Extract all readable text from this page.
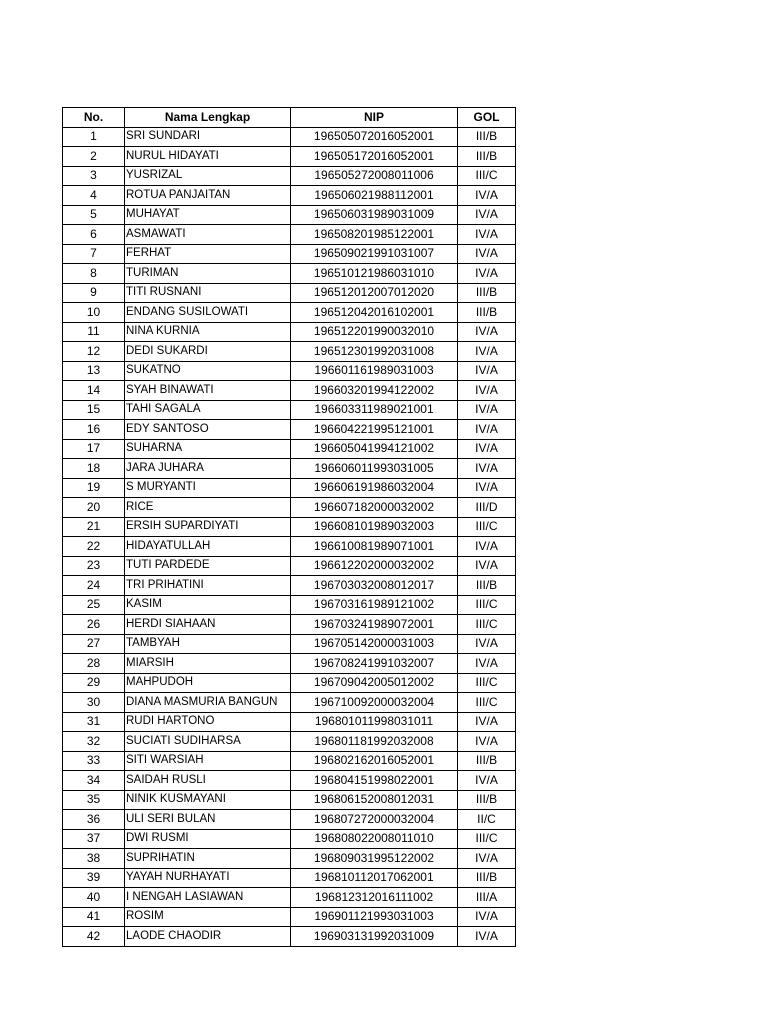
No.	Nama Lengkap	NIP	GOL
1	SRI SUNDARI	196505072016052001	III/B
2	NURUL HIDAYATI	196505172016052001	III/B
3	YUSRIZAL	196505272008011006	III/C
4	ROTUA PANJAITAN	196506021988112001	IV/A
5	MUHAYAT	196506031989031009	IV/A
6	ASMAWATI	196508201985122001	IV/A
7	FERHAT	196509021991031007	IV/A
8	TURIMAN	196510121986031010	IV/A
9	TITI RUSNANI	196512012007012020	III/B
10	ENDANG SUSILOWATI	196512042016102001	III/B
11	NINA KURNIA	196512201990032010	IV/A
12	DEDI SUKARDI	196512301992031008	IV/A
13	SUKATNO	196601161989031003	IV/A
14	SYAH BINAWATI	196603201994122002	IV/A
15	TAHI SAGALA	196603311989021001	IV/A
16	EDY SANTOSO	196604221995121001	IV/A
17	SUHARNA	196605041994121002	IV/A
18	JARA JUHARA	196606011993031005	IV/A
19	S MURYANTI	196606191986032004	IV/A
20	RICE	196607182000032002	III/D
21	ERSIH SUPARDIYATI	196608101989032003	III/C
22	HIDAYATULLAH	196610081989071001	IV/A
23	TUTI PARDEDE	196612202000032002	IV/A
24	TRI PRIHATINI	196703032008012017	III/B
25	KASIM	196703161989121002	III/C
26	HERDI SIAHAAN	196703241989072001	III/C
27	TAMBYAH	196705142000031003	IV/A
28	MIARSIH	196708241991032007	IV/A
29	MAHPUDOH	196709042005012002	III/C
30	DIANA MASMURIA BANGUN	196710092000032004	III/C
31	RUDI HARTONO	196801011998031011	IV/A
32	SUCIATI SUDIHARSA	196801181992032008	IV/A
33	SITI WARSIAH	196802162016052001	III/B
34	SAIDAH RUSLI	196804151998022001	IV/A
35	NINIK KUSMAYANI	196806152008012031	III/B
36	ULI SERI BULAN	196807272000032004	II/C
37	DWI RUSMI	196808022008011010	III/C
38	SUPRIHATIN	196809031995122002	IV/A
39	YAYAH NURHAYATI	196810112017062001	III/B
40	I NENGAH LASIAWAN	196812312016111002	III/A
41	ROSIM	196901121993031003	IV/A
42	LAODE CHAODIR	196903131992031009	IV/A
